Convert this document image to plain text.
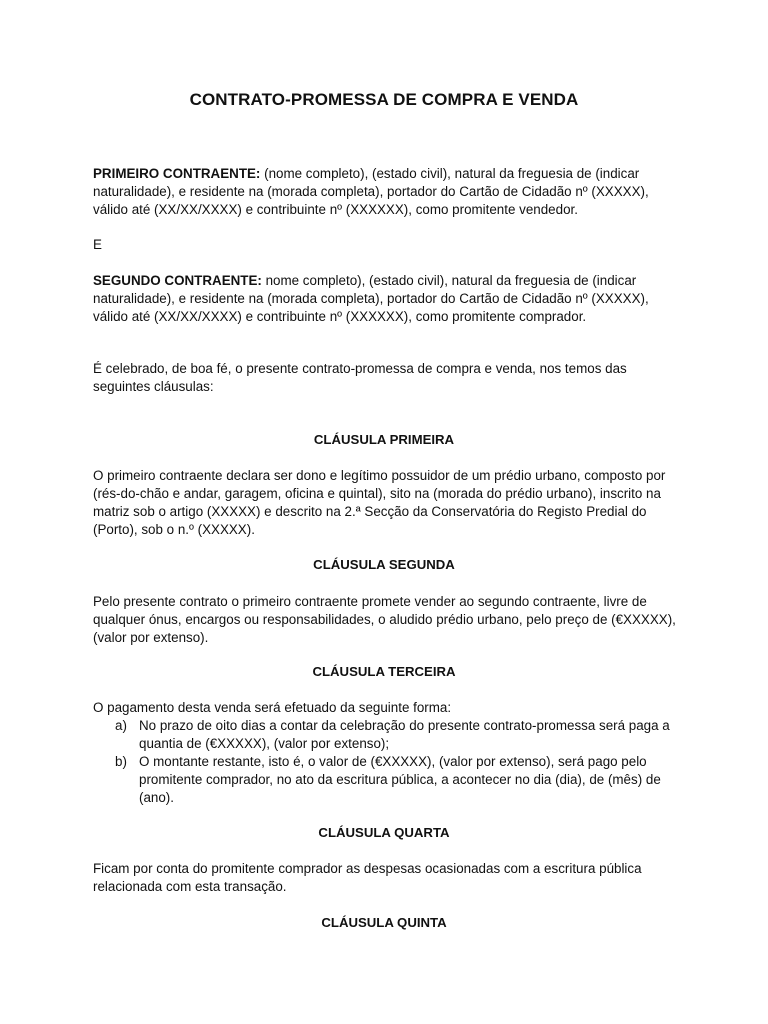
CONTRATO-PROMESSA DE COMPRA E VENDA
PRIMEIRO CONTRAENTE: (nome completo), (estado civil), natural da freguesia de (indicar naturalidade), e residente na (morada completa), portador do Cartão de Cidadão nº (XXXXX), válido até (XX/XX/XXXX) e contribuinte nº (XXXXXX), como promitente vendedor.
E
SEGUNDO CONTRAENTE: nome completo), (estado civil), natural da freguesia de (indicar naturalidade), e residente na (morada completa), portador do Cartão de Cidadão nº (XXXXX), válido até (XX/XX/XXXX) e contribuinte nº (XXXXXX), como promitente comprador.
É celebrado, de boa fé, o presente contrato-promessa de compra e venda, nos temos das seguintes cláusulas:
CLÁUSULA PRIMEIRA
O primeiro contraente declara ser dono e legítimo possuidor de um prédio urbano, composto por (rés-do-chão e andar, garagem, oficina e quintal), sito na (morada do prédio urbano), inscrito na matriz sob o artigo (XXXXX) e descrito na 2.ª Secção da Conservatória do Registo Predial do (Porto), sob o n.º (XXXXX).
CLÁUSULA SEGUNDA
Pelo presente contrato o primeiro contraente promete vender ao segundo contraente, livre de qualquer ónus, encargos ou responsabilidades, o aludido prédio urbano, pelo preço de (€XXXXX), (valor por extenso).
CLÁUSULA TERCEIRA
O pagamento desta venda será efetuado da seguinte forma:
a) No prazo de oito dias a contar da celebração do presente contrato-promessa será paga a quantia de (€XXXXX), (valor por extenso);
b) O montante restante, isto é, o valor de (€XXXXX), (valor por extenso), será pago pelo promitente comprador, no ato da escritura pública, a acontecer no dia (dia), de (mês) de (ano).
CLÁUSULA QUARTA
Ficam por conta do promitente comprador as despesas ocasionadas com a escritura pública relacionada com esta transação.
CLÁUSULA QUINTA
